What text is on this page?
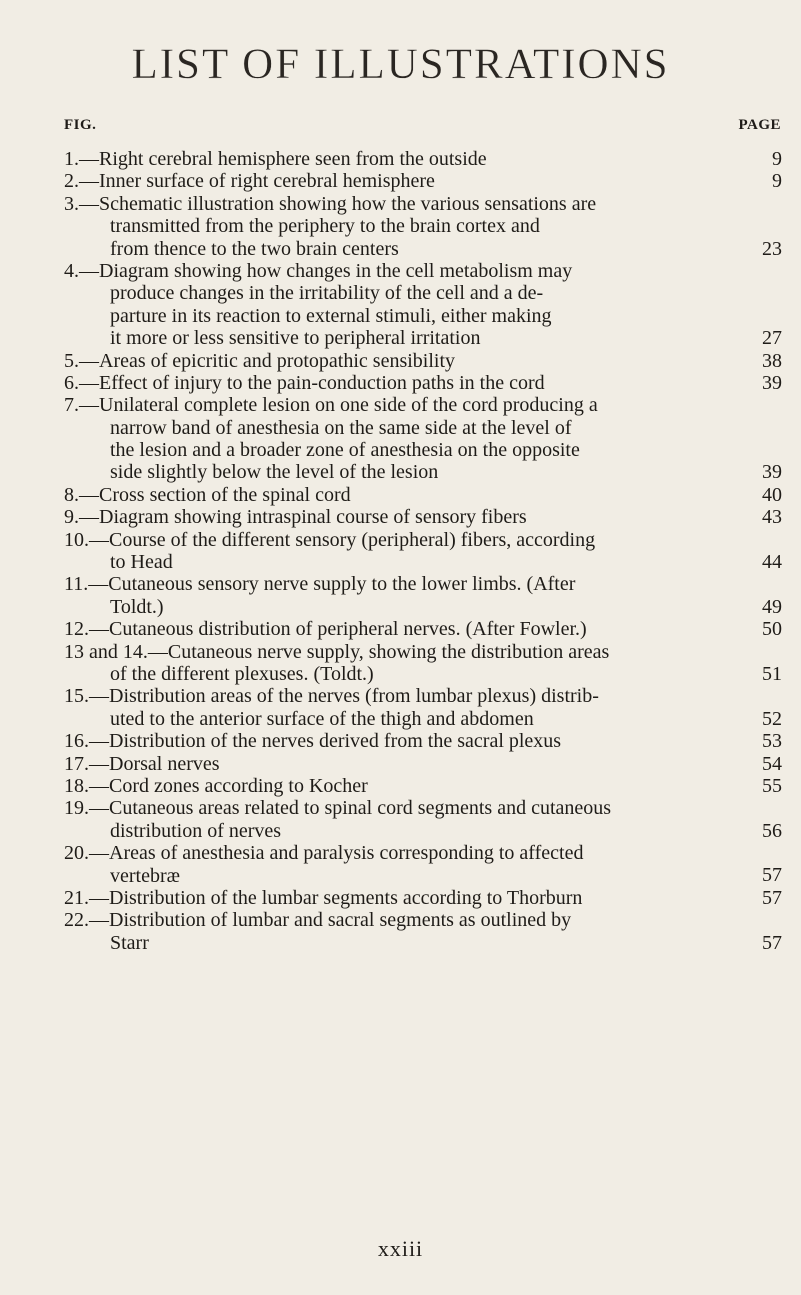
LIST OF ILLUSTRATIONS
FIG.	PAGE
1.—Right cerebral hemisphere seen from the outside	9
2.—Inner surface of right cerebral hemisphere	9
3.—Schematic illustration showing how the various sensations are
transmitted from the periphery to the brain cortex and
from thence to the two brain centers	23
4.—Diagram showing how changes in the cell metabolism may
produce changes in the irritability of the cell and a de-
parture in its reaction to external stimuli, either making
it more or less sensitive to peripheral irritation	27
5.—Areas of epicritic and protopathic sensibility	38
6.—Effect of injury to the pain-conduction paths in the cord	39
7.—Unilateral complete lesion on one side of the cord producing a
narrow band of anesthesia on the same side at the level of
the lesion and a broader zone of anesthesia on the opposite
side slightly below the level of the lesion	39
8.—Cross section of the spinal cord	40
9.—Diagram showing intraspinal course of sensory fibers	43
10.—Course of the different sensory (peripheral) fibers, according
to Head	44
11.—Cutaneous sensory nerve supply to the lower limbs. (After
Toldt.)	49
12.—Cutaneous distribution of peripheral nerves. (After Fowler.)	50
13 and 14.—Cutaneous nerve supply, showing the distribution areas
of the different plexuses. (Toldt.)	51
15.—Distribution areas of the nerves (from lumbar plexus) distrib-
uted to the anterior surface of the thigh and abdomen	52
16.—Distribution of the nerves derived from the sacral plexus	53
17.—Dorsal nerves	54
18.—Cord zones according to Kocher	55
19.—Cutaneous areas related to spinal cord segments and cutaneous
distribution of nerves	56
20.—Areas of anesthesia and paralysis corresponding to affected
vertebræ	57
21.—Distribution of the lumbar segments according to Thorburn	57
22.—Distribution of lumbar and sacral segments as outlined by
Starr	57
xxiii
